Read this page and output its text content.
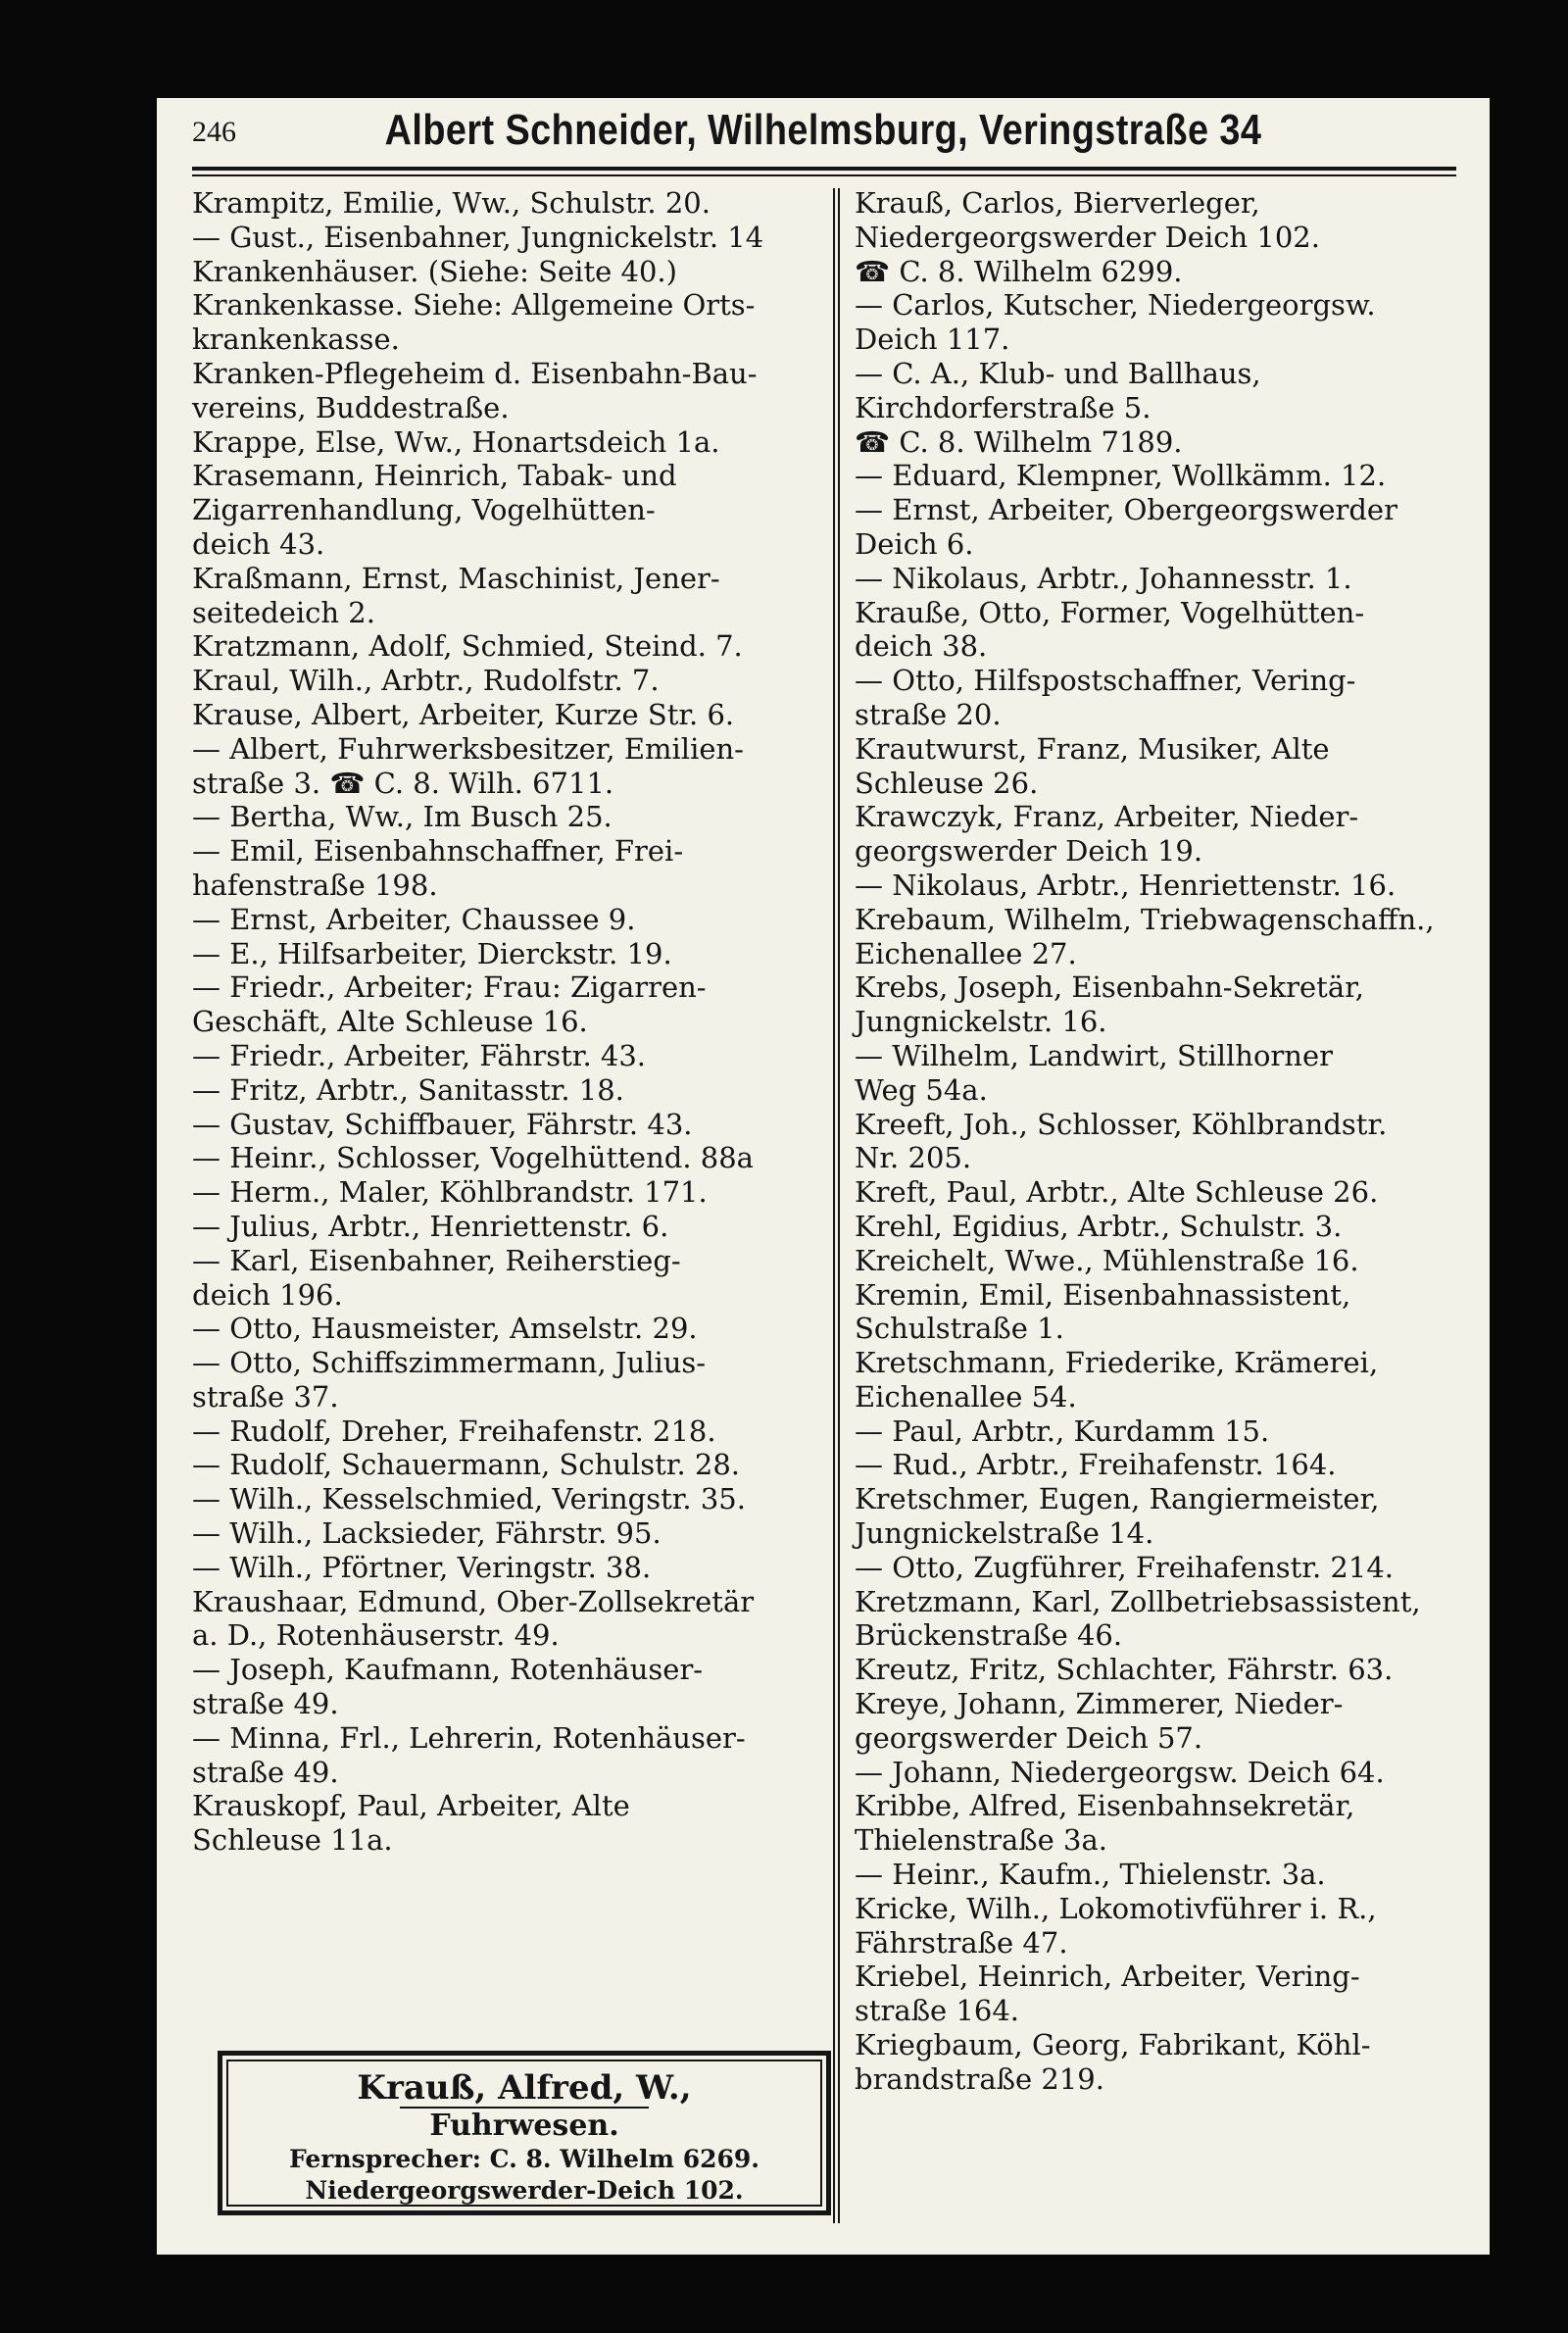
246	Albert Schneider, Wilhelmsburg, Veringstraße 34

Krampitz, Emilie, Ww., Schulstr. 20.

— Gust., Eisenbahner, Jungnickelstr. 14

Krankenhäuser. (Siehe: Seite 40.)

Krankenkasse. Siehe: Allgemeine Orts-

krankenkasse.

Kranken-Pflegeheim d. Eisenbahn-Bau-

vereins, Buddestraße.

Krappe, Else, Ww., Honartsdeich 1a.

Krasemann, Heinrich, Tabak- und

Zigarrenhandlung, Vogelhütten-

deich 43.

Kraßmann, Ernst, Maschinist, Jener-

seitedeich 2.

Kratzmann, Adolf, Schmied, Steind. 7.

Kraul, Wilh., Arbtr., Rudolfstr. 7.

Krause, Albert, Arbeiter, Kurze Str. 6.

— Albert, Fuhrwerksbesitzer, Emilien-

straße 3. ☎ C. 8. Wilh. 6711.

— Bertha, Ww., Im Busch 25.

— Emil, Eisenbahnschaffner, Frei-

hafenstraße 198.

— Ernst, Arbeiter, Chaussee 9.

— E., Hilfsarbeiter, Dierckstr. 19.

— Friedr., Arbeiter; Frau: Zigarren-

Geschäft, Alte Schleuse 16.

— Friedr., Arbeiter, Fährstr. 43.

— Fritz, Arbtr., Sanitasstr. 18.

— Gustav, Schiffbauer, Fährstr. 43.

— Heinr., Schlosser, Vogelhüttend. 88a

— Herm., Maler, Köhlbrandstr. 171.

— Julius, Arbtr., Henriettenstr. 6.

— Karl, Eisenbahner, Reiherstieg-

deich 196.

— Otto, Hausmeister, Amselstr. 29.

— Otto, Schiffszimmermann, Julius-

straße 37.

— Rudolf, Dreher, Freihafenstr. 218.

— Rudolf, Schauermann, Schulstr. 28.

— Wilh., Kesselschmied, Veringstr. 35.

— Wilh., Lacksieder, Fährstr. 95.

— Wilh., Pförtner, Veringstr. 38.

Kraushaar, Edmund, Ober-Zollsekretär

a. D., Rotenhäuserstr. 49.

— Joseph, Kaufmann, Rotenhäuser-

straße 49.

— Minna, Frl., Lehrerin, Rotenhäuser-

straße 49.

Krauskopf, Paul, Arbeiter, Alte

Schleuse 11a.

Krauß, Carlos, Bierverleger,

Niedergeorgswerder Deich 102.

☎ C. 8. Wilhelm 6299.

— Carlos, Kutscher, Niedergeorgsw.

Deich 117.

— C. A., Klub- und Ballhaus,

Kirchdorferstraße 5.

☎ C. 8. Wilhelm 7189.

— Eduard, Klempner, Wollkämm. 12.

— Ernst, Arbeiter, Obergeorgswerder

Deich 6.

— Nikolaus, Arbtr., Johannesstr. 1.

Krauße, Otto, Former, Vogelhütten-

deich 38.

— Otto, Hilfspostschaffner, Vering-

straße 20.

Krautwurst, Franz, Musiker, Alte

Schleuse 26.

Krawczyk, Franz, Arbeiter, Nieder-

georgswerder Deich 19.

— Nikolaus, Arbtr., Henriettenstr. 16.

Krebaum, Wilhelm, Triebwagenschaffn.,

Eichenallee 27.

Krebs, Joseph, Eisenbahn-Sekretär,

Jungnickelstr. 16.

— Wilhelm, Landwirt, Stillhorner

Weg 54a.

Kreeft, Joh., Schlosser, Köhlbrandstr.

Nr. 205.

Kreft, Paul, Arbtr., Alte Schleuse 26.

Krehl, Egidius, Arbtr., Schulstr. 3.

Kreichelt, Wwe., Mühlenstraße 16.

Kremin, Emil, Eisenbahnassistent,

Schulstraße 1.

Kretschmann, Friederike, Krämerei,

Eichenallee 54.

— Paul, Arbtr., Kurdamm 15.

— Rud., Arbtr., Freihafenstr. 164.

Kretschmer, Eugen, Rangiermeister,

Jungnickelstraße 14.

— Otto, Zugführer, Freihafenstr. 214.

Kretzmann, Karl, Zollbetriebsassistent,

Brückenstraße 46.

Kreutz, Fritz, Schlachter, Fährstr. 63.

Kreye, Johann, Zimmerer, Nieder-

georgswerder Deich 57.

— Johann, Niedergeorgsw. Deich 64.

Kribbe, Alfred, Eisenbahnsekretär,

Thielenstraße 3a.

— Heinr., Kaufm., Thielenstr. 3a.

Kricke, Wilh., Lokomotivführer i. R.,

Fährstraße 47.

Kriebel, Heinrich, Arbeiter, Vering-

straße 164.

Kriegbaum, Georg, Fabrikant, Köhl-

brandstraße 219.

Krauß, Alfred, W.,
Fuhrwesen.
Fernsprecher: C. 8. Wilhelm 6269.
Niedergeorgswerder-Deich 102.
